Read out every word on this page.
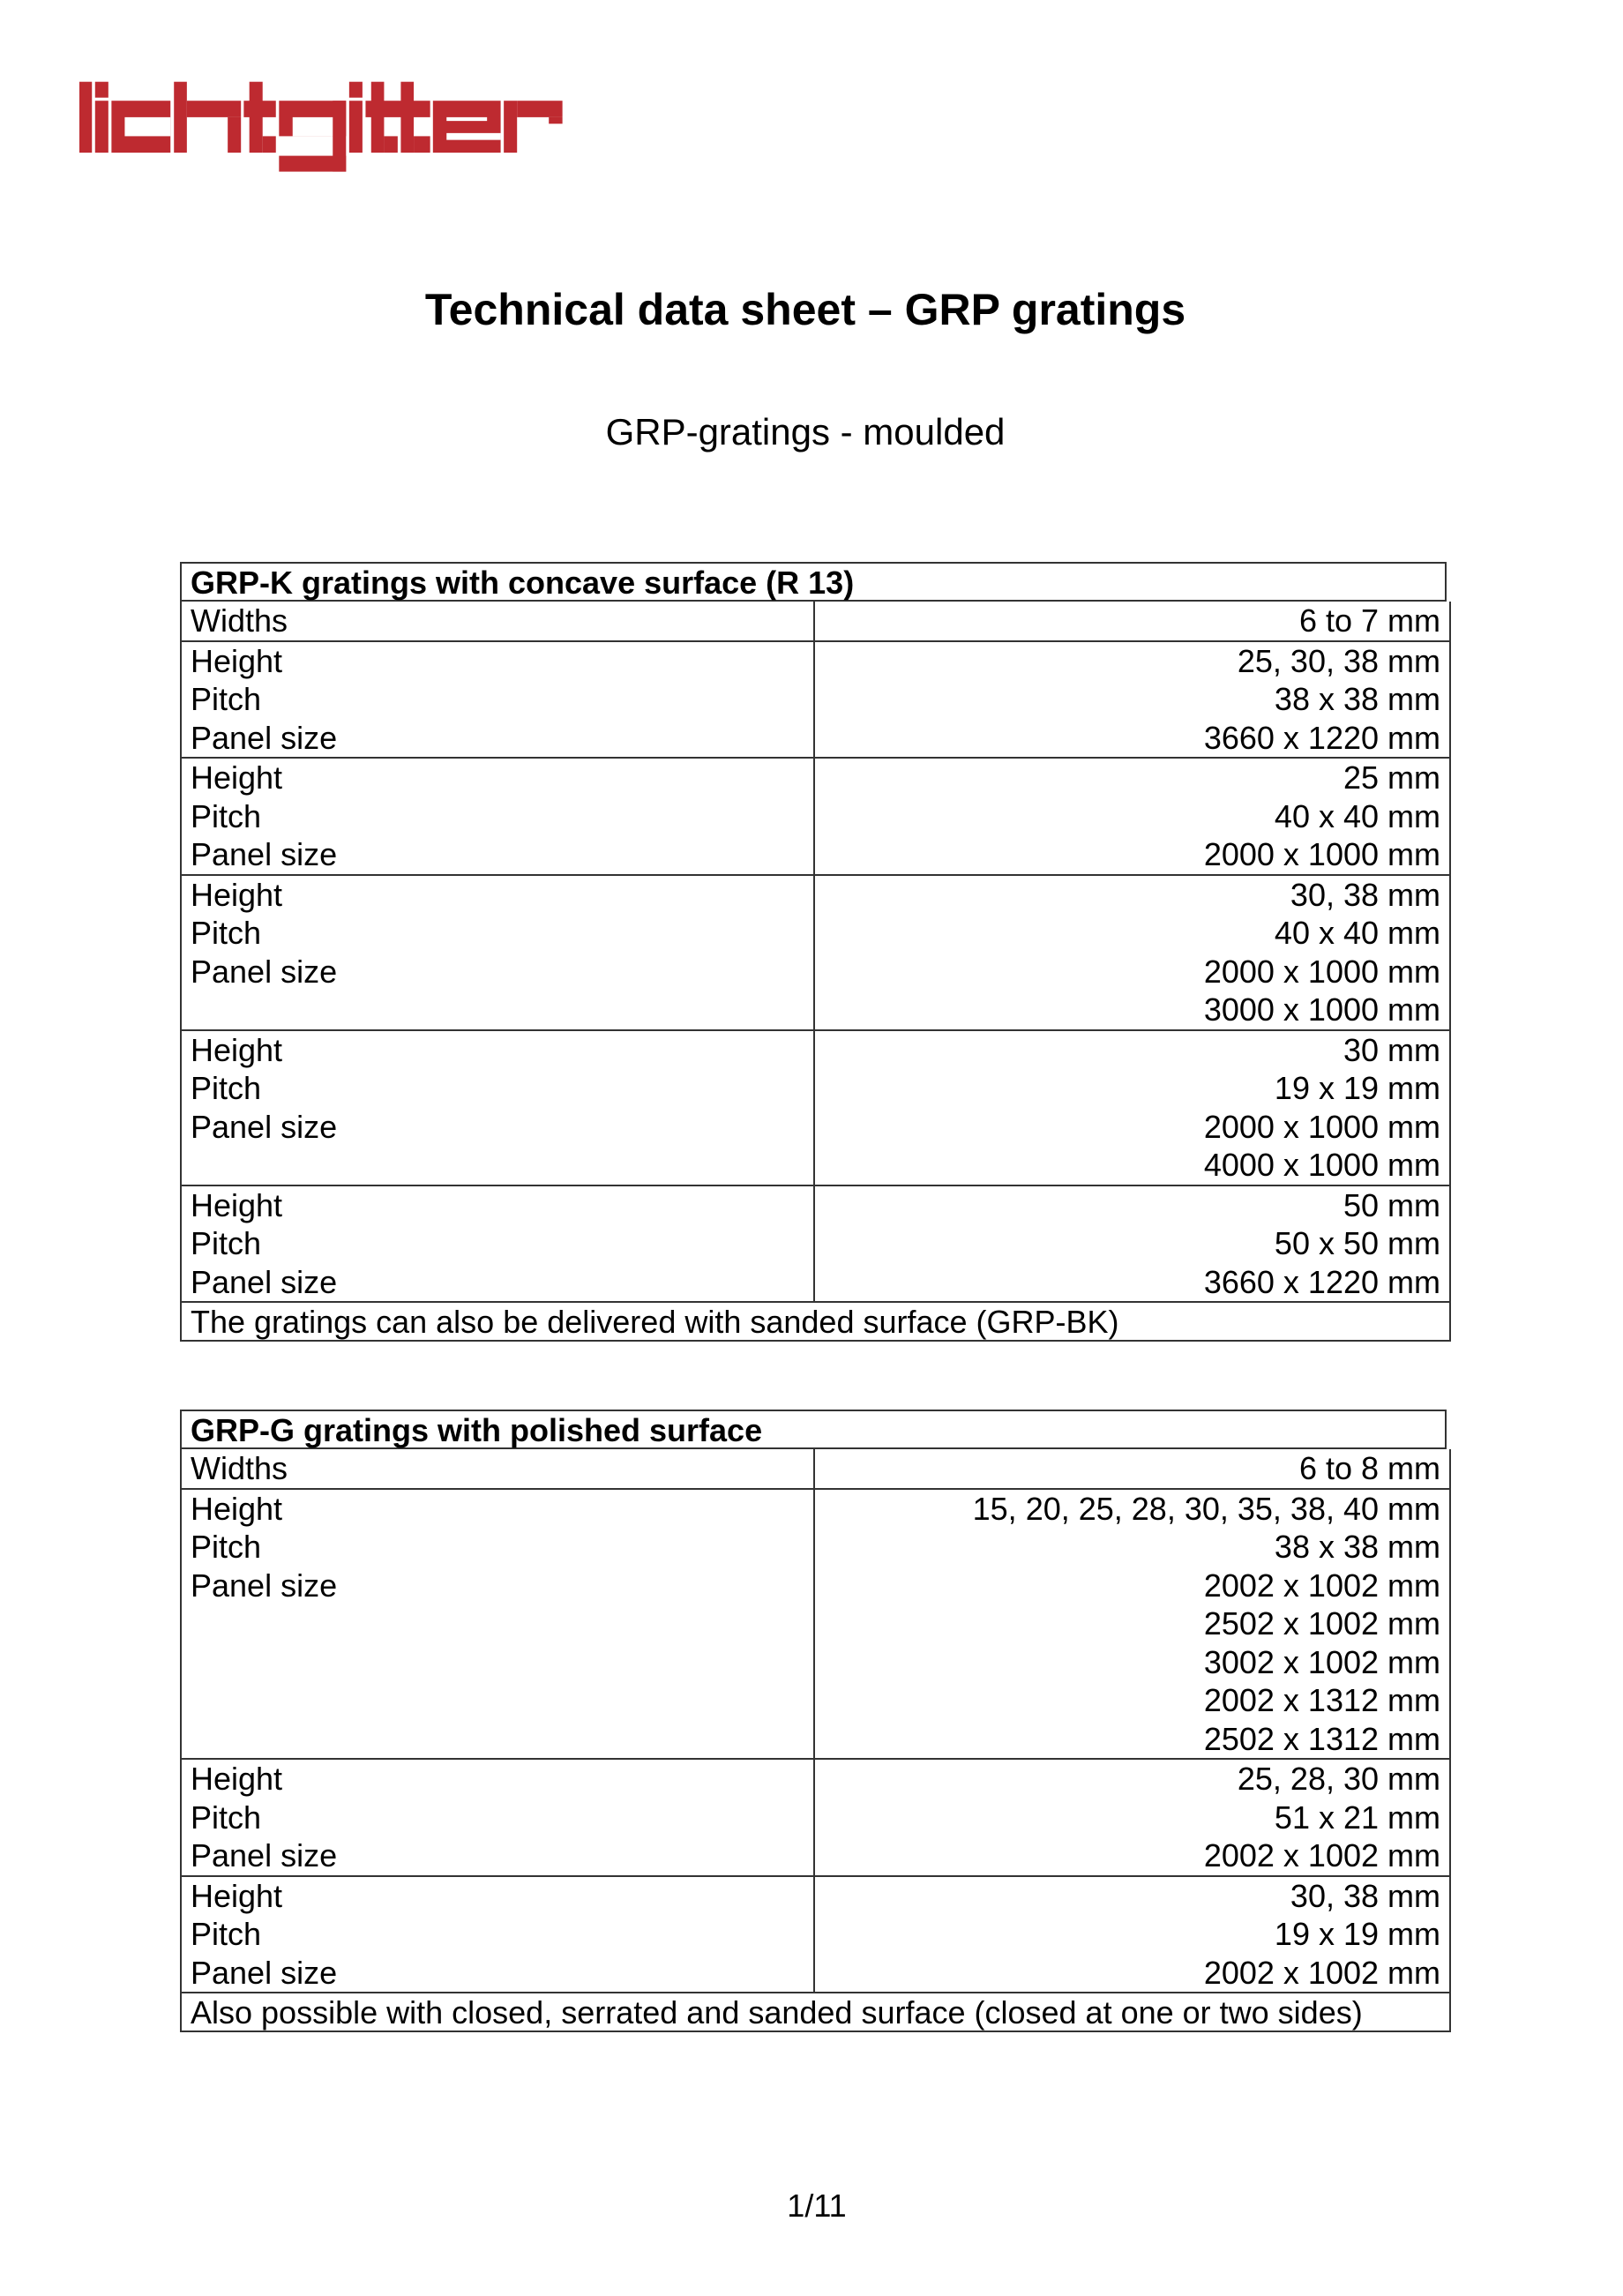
Technical data sheet – GRP gratings
GRP-gratings - moulded
GRP-K gratings with concave surface (R 13)
Widths	6 to 7 mm
Height
Pitch
Panel size
25, 30, 38 mm
38 x 38 mm
3660 x 1220 mm
Height
Pitch
Panel size
25 mm
40 x 40 mm
2000 x 1000 mm
Height
Pitch
Panel size
30, 38 mm
40 x 40 mm
2000 x 1000 mm
3000 x 1000 mm
Height
Pitch
Panel size
30 mm
19 x 19 mm
2000 x 1000 mm
4000 x 1000 mm
Height
Pitch
Panel size
50 mm
50 x 50 mm
3660 x 1220 mm
The gratings can also be delivered with sanded surface (GRP-BK)
GRP-G gratings with polished surface
Widths	6 to 8 mm
Height
Pitch
Panel size
15, 20, 25, 28, 30, 35, 38, 40 mm
38 x 38 mm
2002 x 1002 mm
2502 x 1002 mm
3002 x 1002 mm
2002 x 1312 mm
2502 x 1312 mm
Height
Pitch
Panel size
25, 28, 30 mm
51 x 21 mm
2002 x 1002 mm
Height
Pitch
Panel size
30, 38 mm
19 x 19 mm
2002 x 1002 mm
Also possible with closed, serrated and sanded surface (closed at one or two sides)
1/11
